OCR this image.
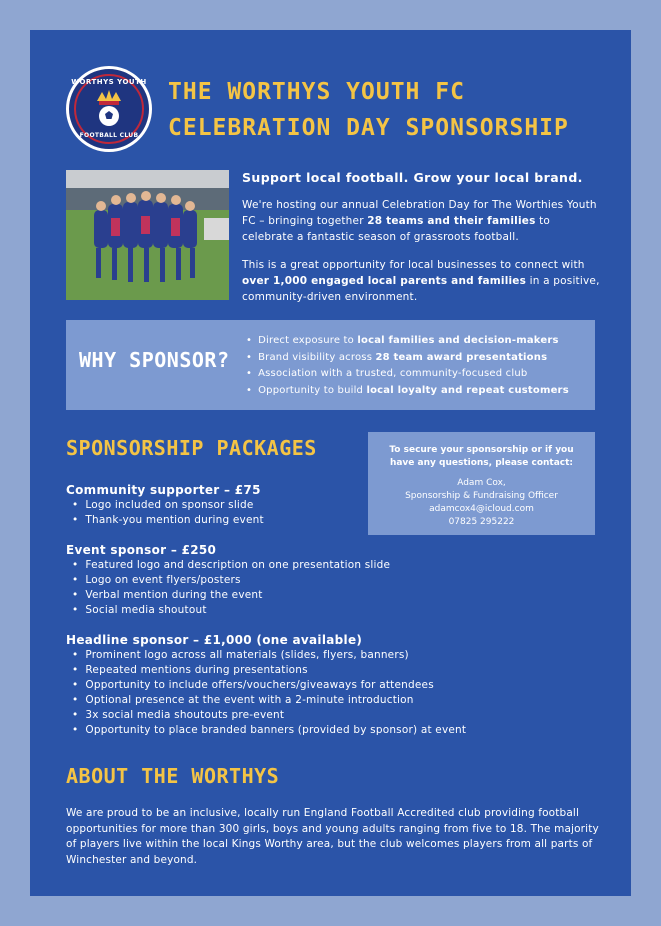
WORTHYS YOUTH
FOOTBALL CLUB
THE WORTHYS YOUTH FC
CELEBRATION DAY SPONSORSHIP
Support local football. Grow your local brand.

We're hosting our annual Celebration Day for The Worthies Youth FC – bringing together 28 teams and their families to celebrate a fantastic season of grassroots football.

This is a great opportunity for local businesses to connect with over 1,000 engaged local parents and families in a positive, community-driven environment.

WHY SPONSOR?
• Direct exposure to local families and decision-makers
• Brand visibility across 28 team award presentations
• Association with a trusted, community-focused club
• Opportunity to build local loyalty and repeat customers
SPONSORSHIP PACKAGES	To secure your sponsorship or if you have any questions, please contact:
Adam Cox,
Sponsorship & Fundraising Officer
adamcox4@icloud.com
07825 295222
Community supporter – £75
• Logo included on sponsor slide
• Thank-you mention during event
Event sponsor – £250
• Featured logo and description on one presentation slide
• Logo on event flyers/posters
• Verbal mention during the event
• Social media shoutout
Headline sponsor – £1,000 (one available)
• Prominent logo across all materials (slides, flyers, banners)
• Repeated mentions during presentations
• Opportunity to include offers/vouchers/giveaways for attendees
• Optional presence at the event with a 2-minute introduction
• 3x social media shoutouts pre-event
• Opportunity to place branded banners (provided by sponsor) at event
ABOUT THE WORTHYS
We are proud to be an inclusive, locally run England Football Accredited club providing football opportunities for more than 300 girls, boys and young adults ranging from five to 18. The majority of players live within the local Kings Worthy area, but the club welcomes players from all parts of Winchester and beyond.
